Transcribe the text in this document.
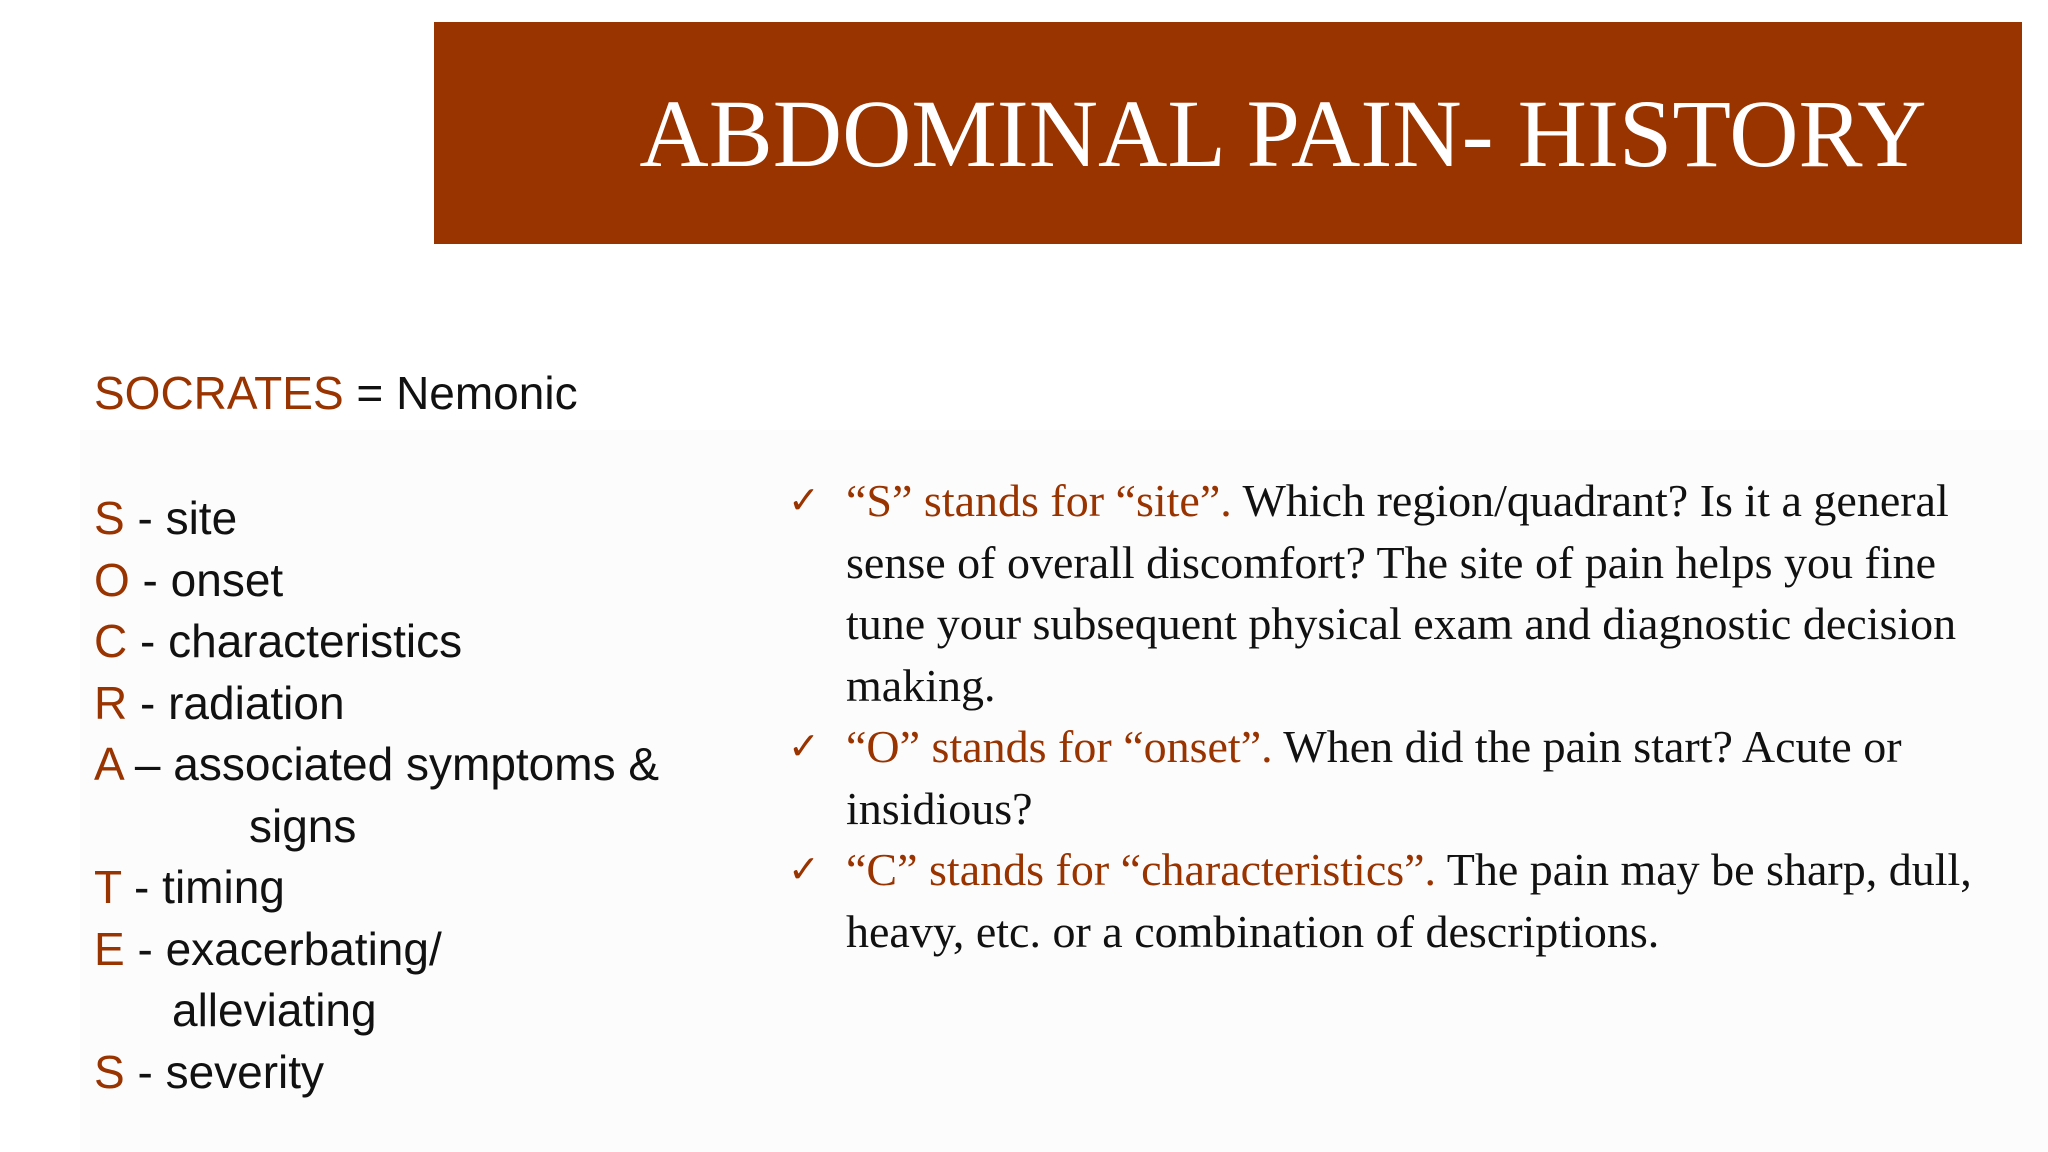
ABDOMINAL PAIN- HISTORY
SOCRATES = Nemonic
S - site
O - onset
C - characteristics
R - radiation
A – associated symptoms &
signs
T - timing
E - exacerbating/
alleviating
S - severity
✓ “S” stands for “site”. Which region/quadrant? Is it a general sense of overall discomfort? The site of pain helps you fine tune your subsequent physical exam and diagnostic decision making.
✓ “O” stands for “onset”. When did the pain start? Acute or insidious?
✓ “C” stands for “characteristics”. The pain may be sharp, dull, heavy, etc. or a combination of descriptions.
